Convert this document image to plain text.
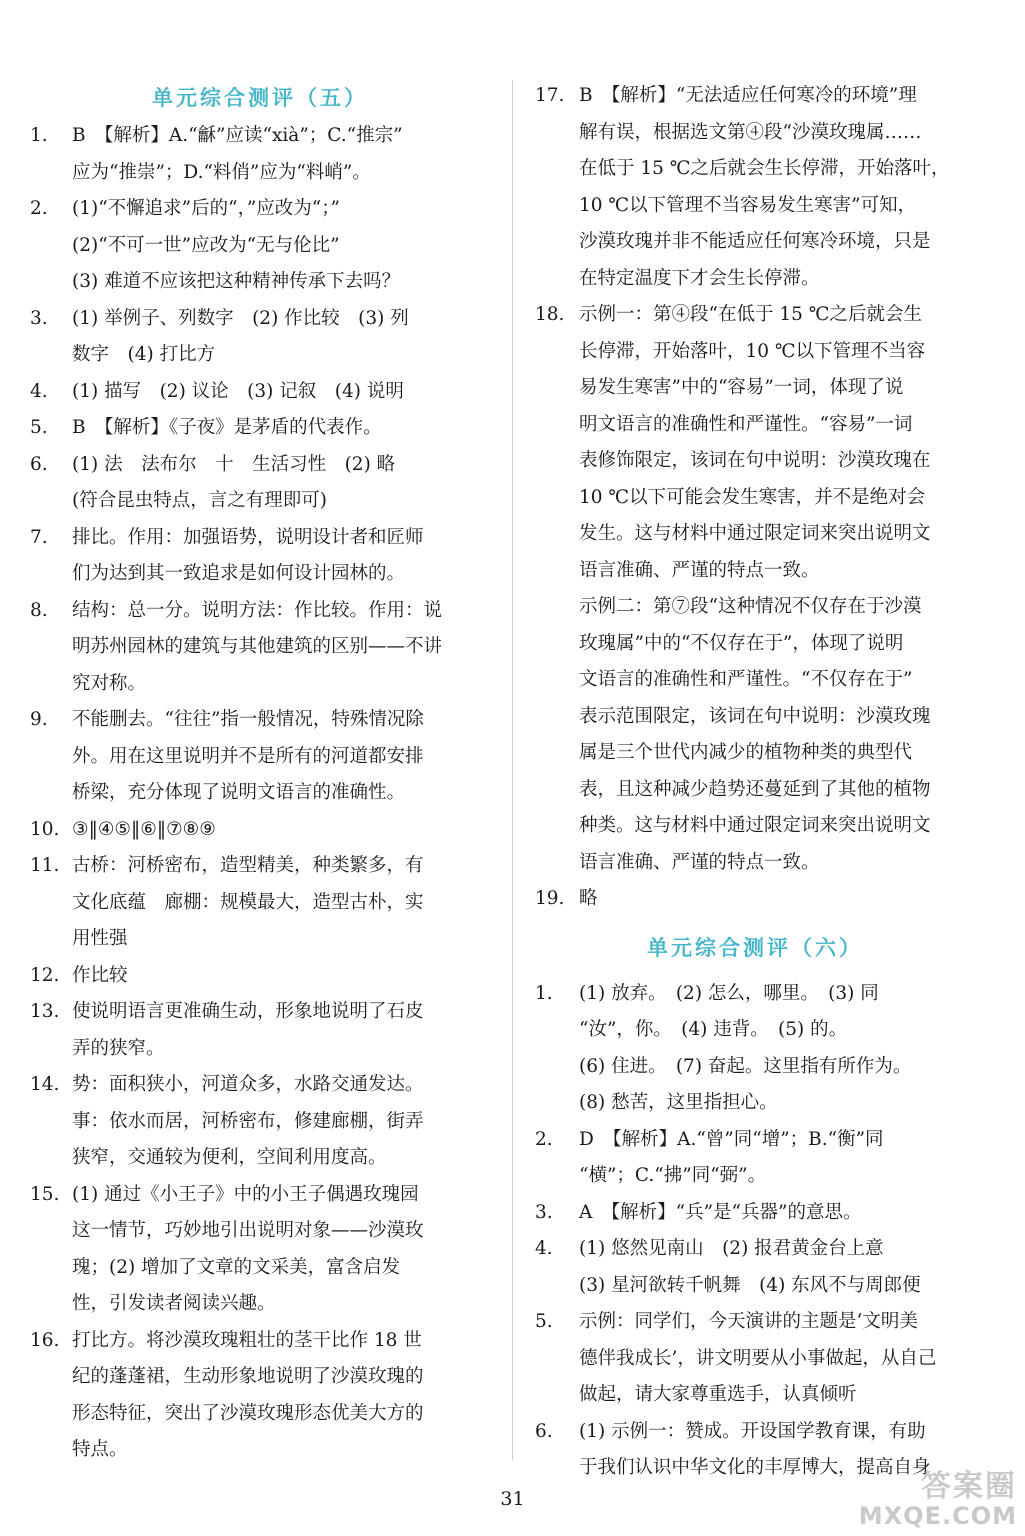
单元综合测评（五）
1.	B　【解析】A.“龢”应读“xià”；C.“推宗”
应为“推崇”；D.“料俏”应为“料峭”。
2.	(1)“不懈追求”后的“，”应改为“；”
(2)“不可一世”应改为“无与伦比”
(3) 难道不应该把这种精神传承下去吗？
3.	(1) 举例子、列数字　(2) 作比较　(3) 列
数字　(4) 打比方
4.	(1) 描写　(2) 议论　(3) 记叙　(4) 说明
5.	B　【解析】《子夜》是茅盾的代表作。
6.	(1) 法　法布尔　十　生活习性　(2) 略
(符合昆虫特点，言之有理即可)
7.	排比。作用：加强语势，说明设计者和匠师
们为达到其一致追求是如何设计园林的。
8.	结构：总一分。说明方法：作比较。作用：说
明苏州园林的建筑与其他建筑的区别——不讲
究对称。
9.	不能删去。“往往”指一般情况，特殊情况除
外。用在这里说明并不是所有的河道都安排
桥梁，充分体现了说明文语言的准确性。
10. ③‖④⑤‖⑥‖⑦⑧⑨
11. 古桥：河桥密布，造型精美，种类繁多，有
文化底蕴　廊棚：规模最大，造型古朴，实
用性强
12. 作比较
13. 使说明语言更准确生动，形象地说明了石皮
弄的狭窄。
14. 势：面积狭小，河道众多，水路交通发达。
事：依水而居，河桥密布，修建廊棚，街弄
狭窄，交通较为便利，空间利用度高。
15. (1) 通过《小王子》中的小王子偶遇玫瑰园
这一情节，巧妙地引出说明对象——沙漠玫
瑰；(2) 增加了文章的文采美，富含启发
性，引发读者阅读兴趣。
16. 打比方。将沙漠玫瑰粗壮的茎干比作 18 世
纪的蓬蓬裙，生动形象地说明了沙漠玫瑰的
形态特征，突出了沙漠玫瑰形态优美大方的
特点。
17. B　【解析】“无法适应任何寒冷的环境”理
解有误，根据选文第④段“沙漠玫瑰属……
在低于 15 ℃之后就会生长停滞，开始落叶，
10 ℃以下管理不当容易发生寒害”可知，
沙漠玫瑰并非不能适应任何寒冷环境，只是
在特定温度下才会生长停滞。
18. 示例一：第④段“在低于 15 ℃之后就会生
长停滞，开始落叶，10 ℃以下管理不当容
易发生寒害”中的“容易”一词，体现了说
明文语言的准确性和严谨性。“容易”一词
表修饰限定，该词在句中说明：沙漠玫瑰在
10 ℃以下可能会发生寒害，并不是绝对会
发生。这与材料中通过限定词来突出说明文
语言准确、严谨的特点一致。
示例二：第⑦段“这种情况不仅存在于沙漠
玫瑰属”中的“不仅存在于”，体现了说明
文语言的准确性和严谨性。“不仅存在于”
表示范围限定，该词在句中说明：沙漠玫瑰
属是三个世代内减少的植物种类的典型代
表，且这种减少趋势还蔓延到了其他的植物
种类。这与材料中通过限定词来突出说明文
语言准确、严谨的特点一致。
19. 略
单元综合测评（六）
1.	(1) 放弃。　(2) 怎么，哪里。　(3) 同
“汝”，你。　(4) 违背。　(5) 的。
(6) 住进。　(7) 奋起。这里指有所作为。
(8) 愁苦，这里指担心。
2.	D　【解析】A.“曾”同“增”；B.“衡”同
“横”；C.“拂”同“弼”。
3.	A　【解析】“兵”是“兵器”的意思。
4.	(1) 悠然见南山　(2) 报君黄金台上意
(3) 星河欲转千帆舞　(4) 东风不与周郎便
5.	示例：同学们，今天演讲的主题是‘文明美
德伴我成长’，讲文明要从小事做起，从自己
做起，请大家尊重选手，认真倾听
6.	(1) 示例一：赞成。开设国学教育课，有助
于我们认识中华文化的丰厚博大，提高自身
31	答案圈
MXQE.COM
